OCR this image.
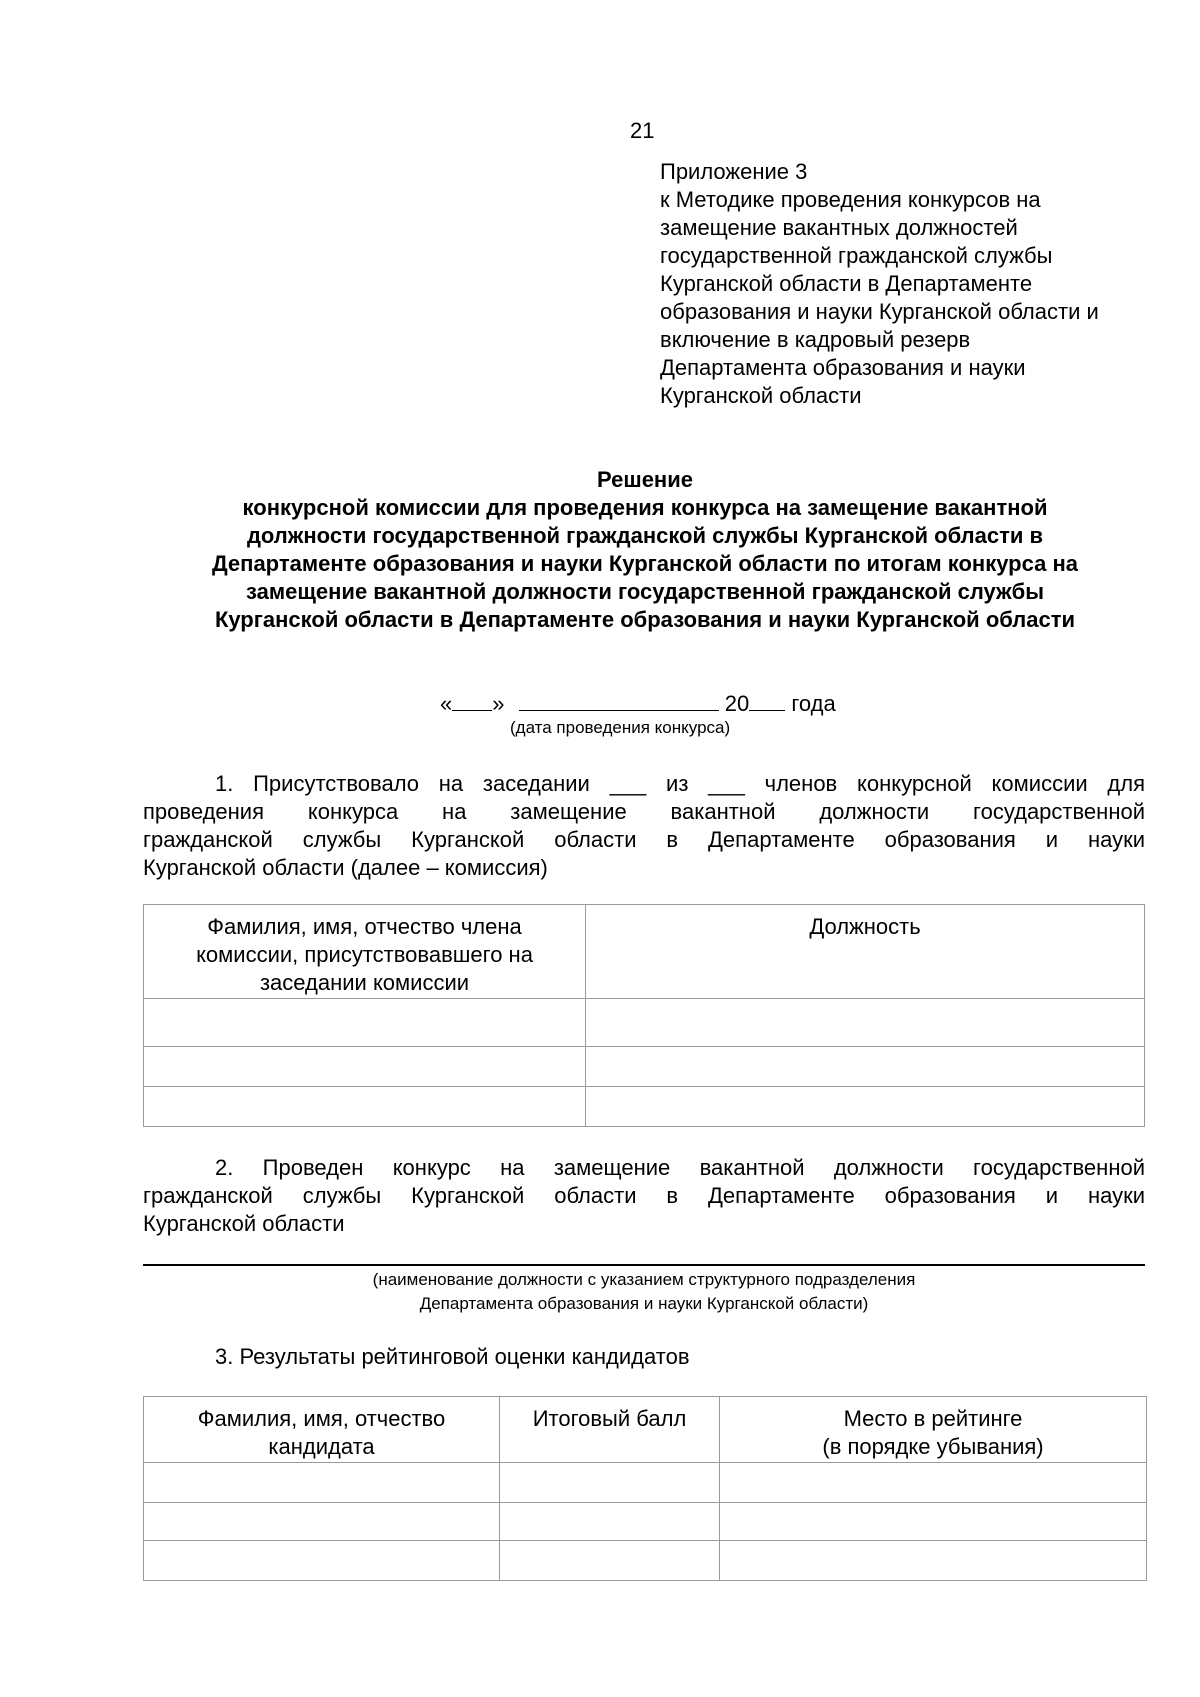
21
Приложение 3
к Методике проведения конкурсов на
замещение вакантных должностей
государственной гражданской службы
Курганской области в Департаменте
образования и науки Курганской области и
включение в кадровый резерв
Департамента образования и науки
Курганской области
Решение
конкурсной комиссии для проведения конкурса на замещение вакантной
должности государственной гражданской службы Курганской области в
Департаменте образования и науки Курганской области по итогам конкурса на
замещение вакантной должности государственной гражданской службы
Курганской области в Департаменте образования и науки Курганской области
« »	20 года
(дата проведения конкурса)
1. Присутствовало на заседании ___ из ___ членов конкурсной комиссии для
проведения конкурса на замещение вакантной должности государственной
гражданской службы Курганской области в Департаменте образования и науки
Курганской области (далее – комиссия)
Фамилия, имя, отчество члена
комиссии, присутствовавшего на
заседании комиссии	Должность

2. Проведен конкурс на замещение вакантной должности государственной
гражданской службы Курганской области в Департаменте образования и науки
Курганской области
(наименование должности с указанием структурного подразделения
Департамента образования и науки Курганской области)
3. Результаты рейтинговой оценки кандидатов
Фамилия, имя, отчество
кандидата	Итоговый балл	Место в рейтинге
(в порядке убывания)
